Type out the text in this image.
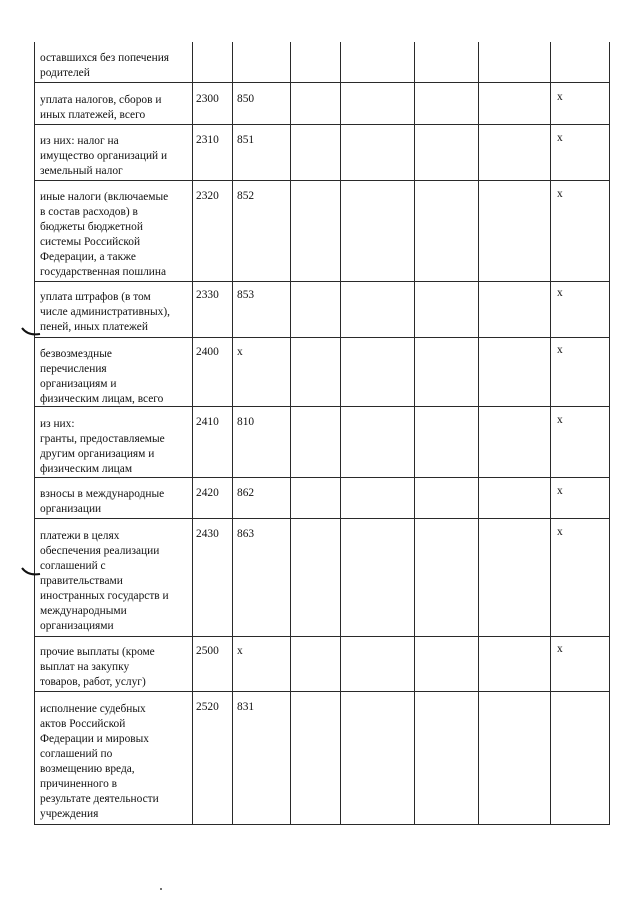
оставшихся без попечения
родителей
уплата налогов, сборов и
иных платежей, всего
2300 850	x
из них: налог на
имущество организаций и
земельный налог
2310 851	x
иные налоги (включаемые
в состав расходов) в
бюджеты бюджетной
системы Российской
Федерации, а также
государственная пошлина
2320 852	x
уплата штрафов (в том
числе административных),
пеней, иных платежей
2330 853	x
безвозмездные
перечисления
организациям и
физическим лицам, всего
2400 x	x
из них:
гранты, предоставляемые
другим организациям и
физическим лицам
2410 810	x
взносы в международные
организации
2420 862	x
платежи в целях
обеспечения реализации
соглашений с
правительствами
иностранных государств и
международными
организациями
2430 863	x
прочие выплаты (кроме
выплат на закупку
товаров, работ, услуг)
2500 x	x
исполнение судебных
актов Российской
Федерации и мировых
соглашений по
возмещению вреда,
причиненного в
результате деятельности
учреждения
2520 831
